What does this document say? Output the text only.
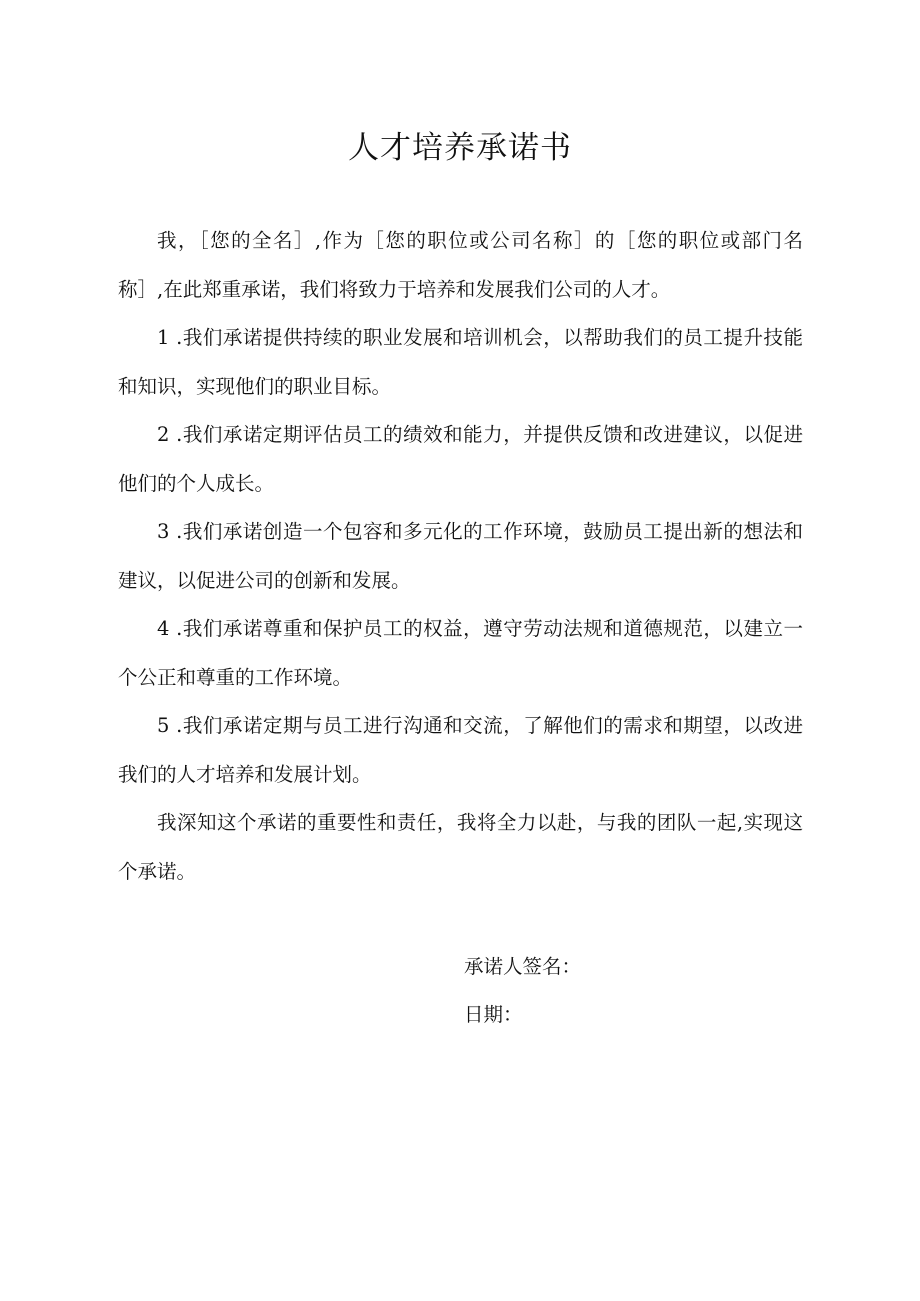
人才培养承诺书

我，［您的全名］,作为［您的职位或公司名称］的［您的职位或部门名称］,在此郑重承诺，我们将致力于培养和发展我们公司的人才。

1 .我们承诺提供持续的职业发展和培训机会，以帮助我们的员工提升技能和知识，实现他们的职业目标。

2 .我们承诺定期评估员工的绩效和能力，并提供反馈和改进建议，以促进他们的个人成长。

3 .我们承诺创造一个包容和多元化的工作环境，鼓励员工提出新的想法和建议，以促进公司的创新和发展。

4 .我们承诺尊重和保护员工的权益，遵守劳动法规和道德规范，以建立一个公正和尊重的工作环境。

5 .我们承诺定期与员工进行沟通和交流，了解他们的需求和期望，以改进我们的人才培养和发展计划。

我深知这个承诺的重要性和责任，我将全力以赴，与我的团队一起,实现这个承诺。

承诺人签名：
日期：
